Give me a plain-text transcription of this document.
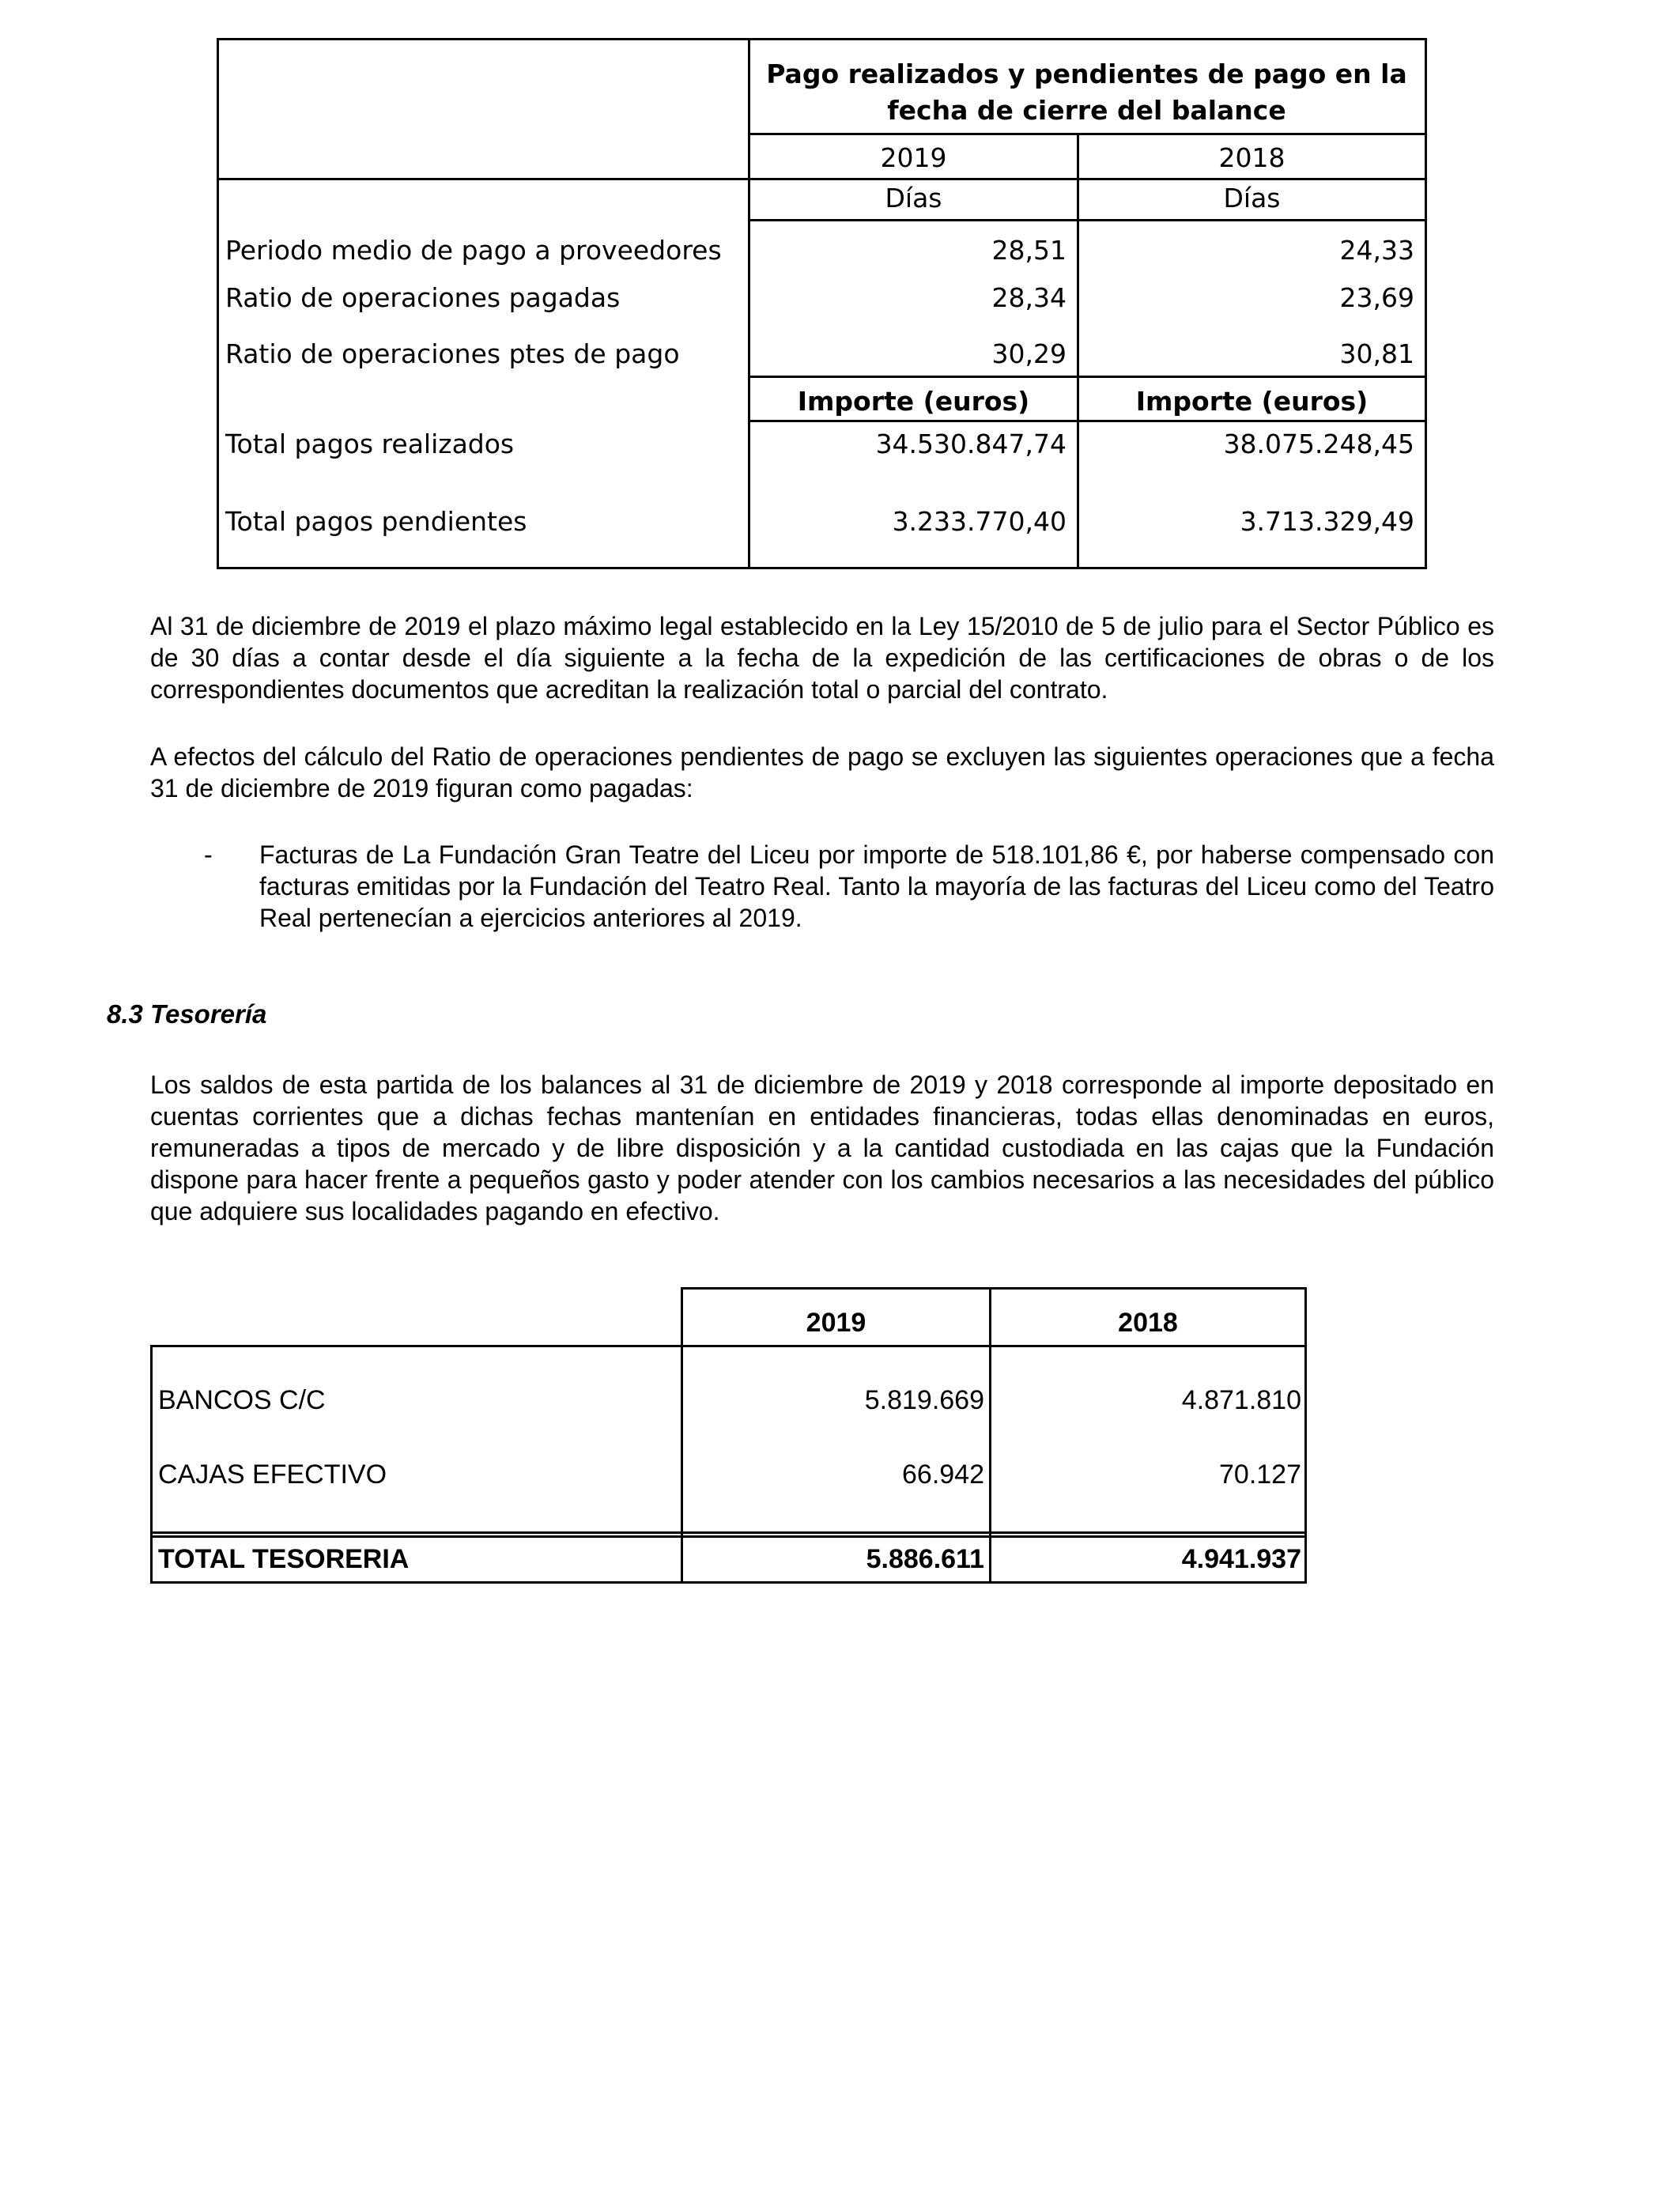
Pago realizados y pendientes de pago en la fecha de cierre del balance
2019	2018
Días	Días
Periodo medio de pago a proveedores	28,51	24,33
Ratio de operaciones pagadas	28,34	23,69
Ratio de operaciones ptes de pago	30,29	30,81
Importe (euros)	Importe (euros)
Total pagos realizados	34.530.847,74	38.075.248,45
Total pagos pendientes	3.233.770,40	3.713.329,49
Al 31 de diciembre de 2019 el plazo máximo legal establecido en la Ley 15/2010 de 5 de julio para el Sector Público es de 30 días a contar desde el día siguiente a la fecha de la expedición de las certificaciones de obras o de los correspondientes documentos que acreditan la realización total o parcial del contrato.
A efectos del cálculo del Ratio de operaciones pendientes de pago se excluyen las siguientes operaciones que a fecha 31 de diciembre de 2019 figuran como pagadas:
- Facturas de La Fundación Gran Teatre del Liceu por importe de 518.101,86 €, por haberse compensado con facturas emitidas por la Fundación del Teatro Real. Tanto la mayoría de las facturas del Liceu como del Teatro Real pertenecían a ejercicios anteriores al 2019.
8.3 Tesorería
Los saldos de esta partida de los balances al 31 de diciembre de 2019 y 2018 corresponde al importe depositado en cuentas corrientes que a dichas fechas mantenían en entidades financieras, todas ellas denominadas en euros, remuneradas a tipos de mercado y de libre disposición y a la cantidad custodiada en las cajas que la Fundación dispone para hacer frente a pequeños gasto y poder atender con los cambios necesarios a las necesidades del público que adquiere sus localidades pagando en efectivo.
2019	2018
BANCOS C/C	5.819.669	4.871.810
CAJAS EFECTIVO	66.942	70.127
TOTAL TESORERIA	5.886.611	4.941.937
